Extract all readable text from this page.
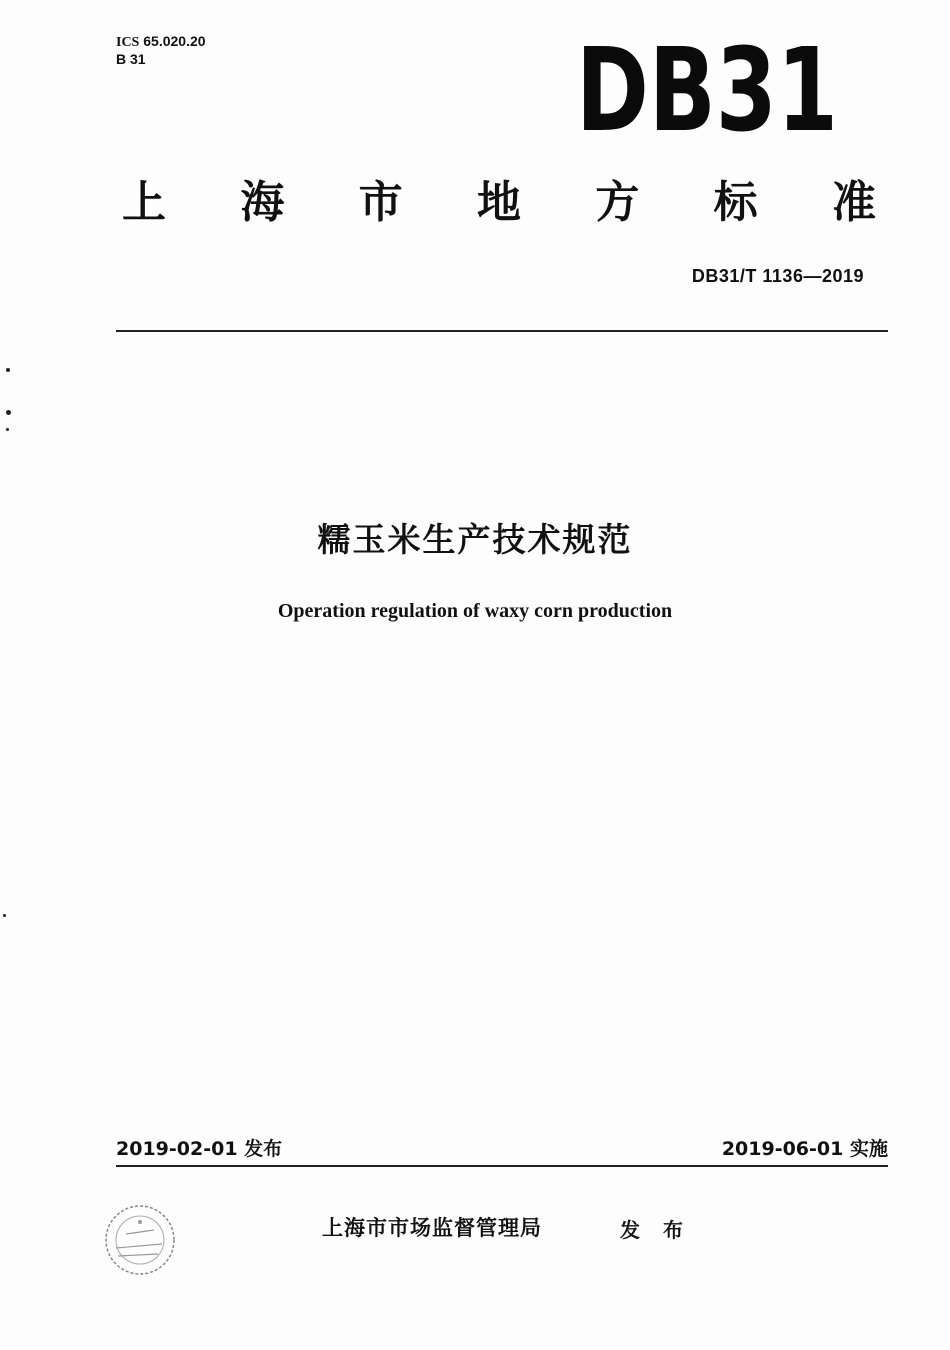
ICS 65.020.20
B 31	DB31
上海市地方标准
DB31/T 1136—2019
糯玉米生产技术规范
Operation regulation of waxy corn production
2019-02-01 发布	2019-06-01 实施
上海市市场监督管理局	发 布
